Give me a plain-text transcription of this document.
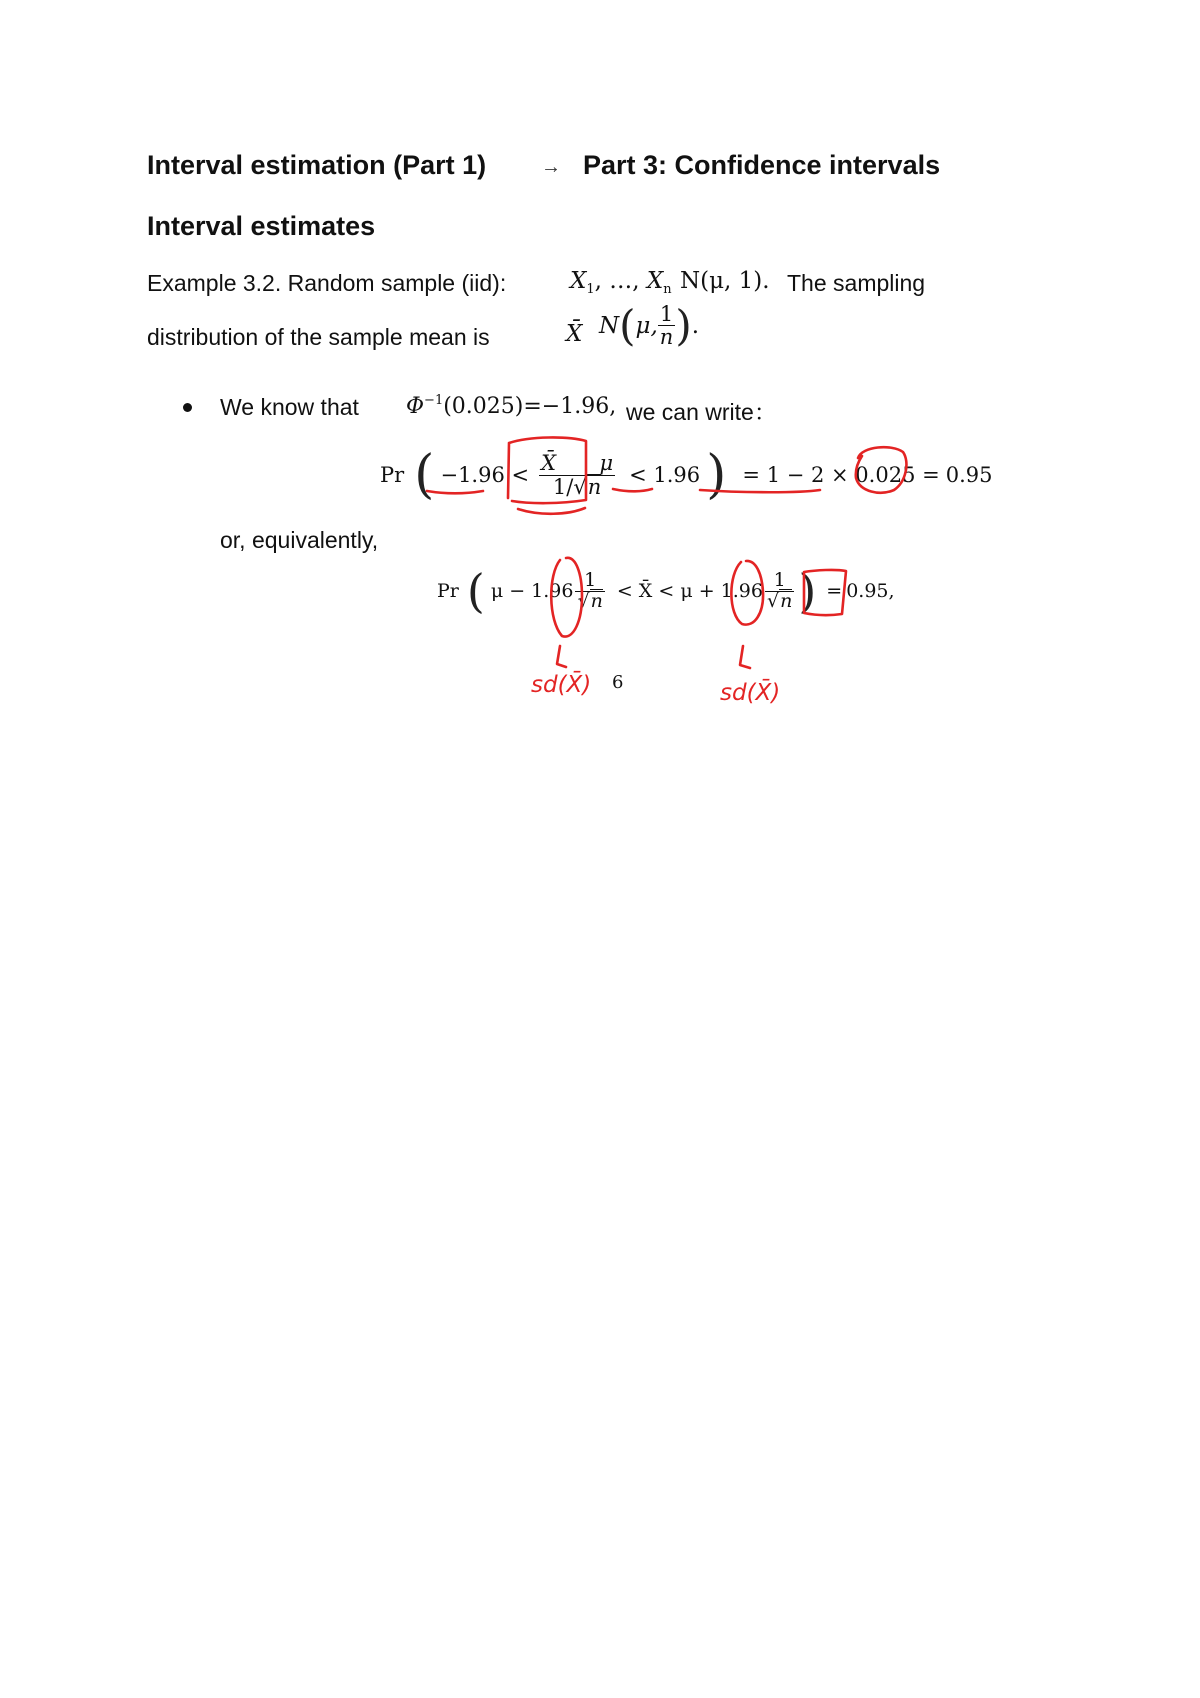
Interval estimation (Part 1)	→ Part 3: Confidence intervals
Interval estimates
Example 3.2. Random sample (iid):	$X_1$, …, $X_n$ N(μ, 1). The sampling
distribution of the sample mean is	X̄ N ( μ, $\frac{1}{n}$ ) .
We know that $\Phi^{-1}(0.025)=-1.96$, we can write：
Pr ( $-1.96 < \frac{X̄ \mu}{1/√n} < 1.96$ ) = 1 − 2 × 0.025 = 0.95
or, equivalently,
Pr ( $\mu - 1.96 \frac{1}{√n}$ < X̄ < $\mu + 1.96 \frac{1}{√n}$ ) = 0.95,
sd(X̄)	sd(X̄)
6
